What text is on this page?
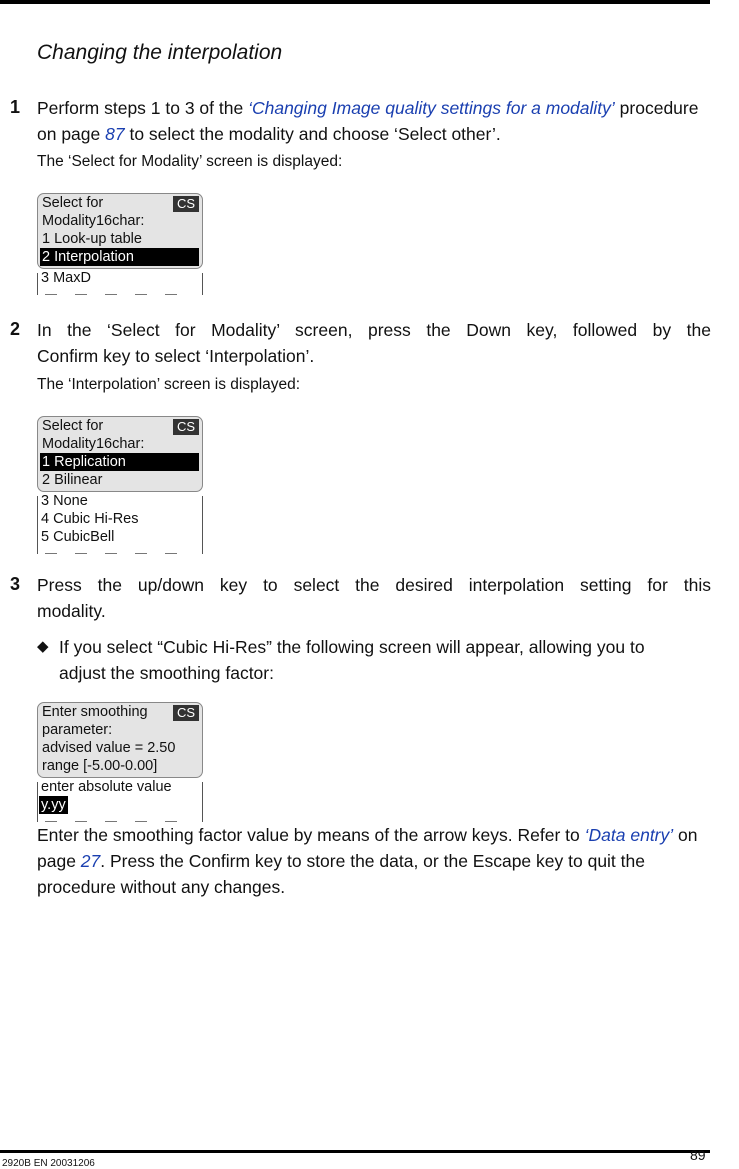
Changing the interpolation
1 Perform steps 1 to 3 of the ‘Changing Image quality settings for a modality’ procedure on page 87 to select the modality and choose ‘Select other’.
The ‘Select for Modality’ screen is displayed:
CS
Select for
Modality16char:
1 Look-up table
2 Interpolation
3 MaxD
2 In the ‘Select for Modality’ screen, press the Down key, followed by the
Confirm key to select ‘Interpolation’.
The ‘Interpolation’ screen is displayed:
CS
Select for
Modality16char:
1 Replication
2 Bilinear
3 None
4 Cubic Hi-Res
5 CubicBell
3 Press the up/down key to select the desired interpolation setting for this
modality.
◆ If you select “Cubic Hi-Res” the following screen will appear, allowing you to
adjust the smoothing factor:
CS
Enter smoothing
parameter:
advised value = 2.50
range [-5.00-0.00]
enter absolute value
y.yy
Enter the smoothing factor value by means of the arrow keys. Refer to ‘Data entry’ on page 27. Press the Confirm key to store the data, or the Escape key to quit the procedure without any changes.
89
2920B EN 20031206
